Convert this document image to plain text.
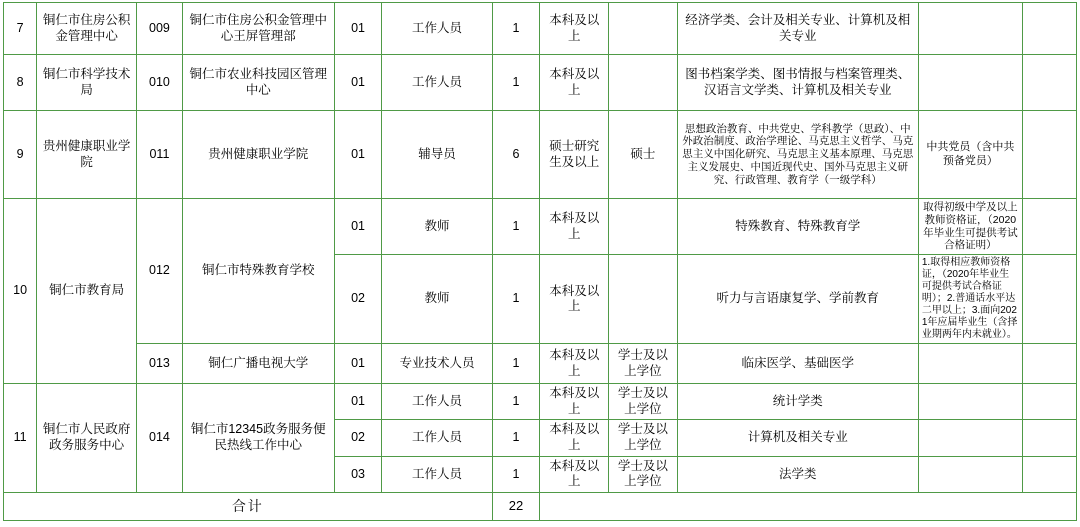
7	铜仁市住房公积金管理中心	009	铜仁市住房公积金管理中心王屏管理部	01	工作人员	1	本科及以上		经济学类、会计及相关专业、计算机及相关专业		
8	铜仁市科学技术局	010	铜仁市农业科技园区管理中心	01	工作人员	1	本科及以上		图书档案学类、图书情报与档案管理类、汉语言文学类、计算机及相关专业		
9	贵州健康职业学院	011	贵州健康职业学院	01	辅导员	6	硕士研究生及以上	硕士	思想政治教育、中共党史、学科教学（思政）、中外政治制度、政治学理论、马克思主义哲学、马克思主义中国化研究、马克思主义基本原理、马克思主义发展史、中国近现代史、国外马克思主义研究、行政管理、教育学（一级学科）	中共党员（含中共预备党员）	
10	铜仁市教育局	012	铜仁市特殊教育学校	01	教师	1	本科及以上		特殊教育、特殊教育学	取得初级中学及以上教师资格证，（2020年毕业生可提供考试合格证明）	
				02	教师	1	本科及以上		听力与言语康复学、学前教育	1.取得相应教师资格证，（2020年毕业生可提供考试合格证明）；2.普通话水平达二甲以上；3.面向2021年应届毕业生（含择业期两年内未就业）。	
		013	铜仁广播电视大学	01	专业技术人员	1	本科及以上	学士及以上学位	临床医学、基础医学		
11	铜仁市人民政府政务服务中心	014	铜仁市12345政务服务便民热线工作中心	01	工作人员	1	本科及以上	学士及以上学位	统计学类		
				02	工作人员	1	本科及以上	学士及以上学位	计算机及相关专业		
				03	工作人员	1	本科及以上	学士及以上学位	法学类		
合计						22					
